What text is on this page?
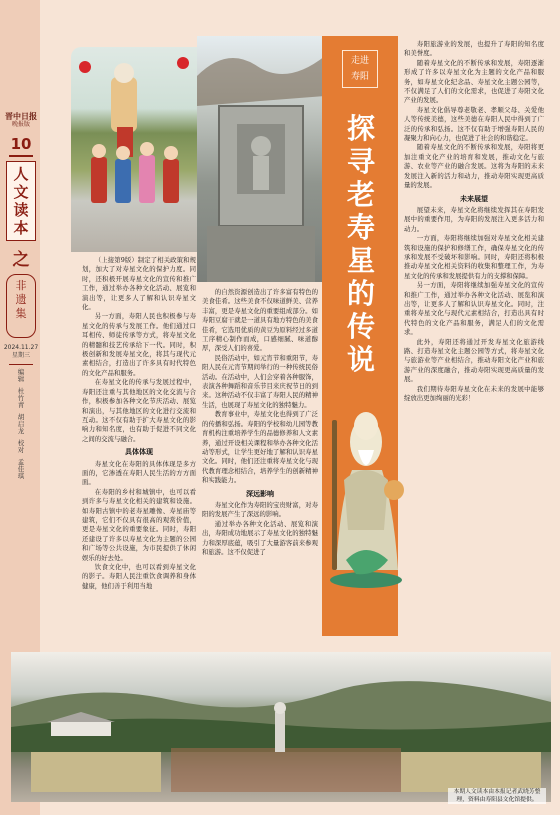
晋中日报
晚报版
10
人
文
读
本
之
非
遗
集
2024.11.27
星期三
编辑
杜竹青
胡启龙
校对
孟佳琪
走进
寿阳
探
寻
老
寿
星
的
传
说

（上接第9版）制定了相关政策和规划，加大了对寿星文化的保护力度。同时，还积极开展寿星文化的宣传和推广工作，通过举办各种文化活动、展览和演出等，让更多人了解和认识寿星文化。

另一方面，寿阳人民也积极参与寿星文化的传承与发展工作。他们通过口耳相传、师徒传承等方式，将寿星文化的精髓和技艺传承给下一代。同时，积极创新和发展寿星文化，将其与现代元素相结合，打造出了许多具有时代特色的文化产品和服务。

在寿星文化的传承与发展过程中，寿阳还注重与其他地区的文化交流与合作，积极参加各种文化节庆活动、展览和演出，与其他地区的文化进行交流和互动。这不仅有助于扩大寿星文化的影响力和知名度，也有助于促进不同文化之间的交流与融合。

具体体现

寿星文化在寿阳的具体体现是多方面的，它渗透在寿阳人民生活的方方面面。

在寿阳的乡村和城镇中，也可以看到许多与寿星文化相关的建筑和设施。如寿阳古镇中的老寿星雕像、寿星庙等建筑，它们不仅具有很高的观赏价值，更是寿星文化的重要象征。同时，寿阳还建设了许多以寿星文化为主题的公园和广场等公共设施，为市民提供了休闲娱乐的好去处。

饮食文化中，也可以看到寿星文化的影子。寿阳人民注重饮食调养和身体健康，他们善于利用当地

的自然资源创造出了许多富有特色的美食佳肴。这些美食不仅味道鲜美、营养丰富，更是寿星文化的重要组成部分。如寿阳豆腐干就是一道具有地方特色的美食佳肴，它选用优质的黄豆为原料经过多道工序精心制作而成，口感细腻、味道醇厚，深受人们的喜爱。

民俗活动中，如元宵节和重阳节，寿阳人民在元宵节期间举行的一种传统民俗活动。在活动中，人们会穿着各种服饰，表演各种舞蹈和音乐节目来庆祝节日的到来。这种活动不仅丰富了寿阳人民的精神生活，也展现了寿星文化的独特魅力。

教育事业中，寿星文化也得到了广泛的传播和弘扬。寿阳的学校和幼儿园等教育机构注重培养学生的品德修养和人文素养，通过开设相关课程和举办各种文化活动等形式，让学生更好地了解和认识寿星文化。同时，他们还注重将寿星文化与现代教育理念相结合，培养学生的创新精神和实践能力。

深远影响

寿星文化作为寿阳的宝贵财富，对寿阳的发展产生了深远的影响。

通过举办各种文化活动、展览和演出，寿阳成功地展示了寿星文化的独特魅力和深厚底蕴，吸引了大量游客前来参观和旅游。这不仅促进了

寿阳旅游业的发展，也提升了寿阳的知名度和美誉度。

随着寿星文化的不断传承和发展，寿阳逐渐形成了许多以寿星文化为主题的文化产品和服务，如寿星文化纪念品、寿星文化主题公园等，不仅满足了人们的文化需求，也促进了寿阳文化产业的发展。

寿星文化倡导尊老敬老、孝顺父母、关爱他人等传统美德，这些美德在寿阳人民中得到了广泛的传承和弘扬。这不仅有助于增强寿阳人民的凝聚力和向心力，也促进了社会的和谐稳定。

随着寿星文化的不断传承和发展，寿阳将更加注重文化产业的培育和发展，推动文化与旅游、农业等产业的融合发展。这将为寿阳的未来发展注入新的活力和动力，推动寿阳实现更高质量的发展。

未来展望

展望未来，寿星文化将继续发挥其在寿阳发展中的重要作用，为寿阳的发展注入更多活力和动力。

一方面，寿阳将继续加强对寿星文化相关建筑和设施的保护和修缮工作，确保寿星文化的传承和发展不受破坏和影响。同时，寿阳还将积极推动寿星文化相关资料的收集和整理工作，为寿星文化的传承和发展提供有力的支撑和保障。

另一方面，寿阳将继续加强寿星文化的宣传和推广工作，通过举办各种文化活动、展览和演出等，让更多人了解和认识寿星文化。同时，注重将寿星文化与现代元素相结合，打造出具有时代特色的文化产品和服务，满足人们的文化需求。

此外，寿阳还将通过开发寿星文化旅游线路、打造寿星文化主题公园等方式，将寿星文化与旅游业等产业相结合，推动寿阳文化产业和旅游产业的深度融合，推动寿阳实现更高质量的发展。

我们期待寿阳寿星文化在未来的发展中能够绽放出更加绚丽的光彩！

本期人文读本由本报记者武晓芳整理，资料由寿阳县文化馆提供。
